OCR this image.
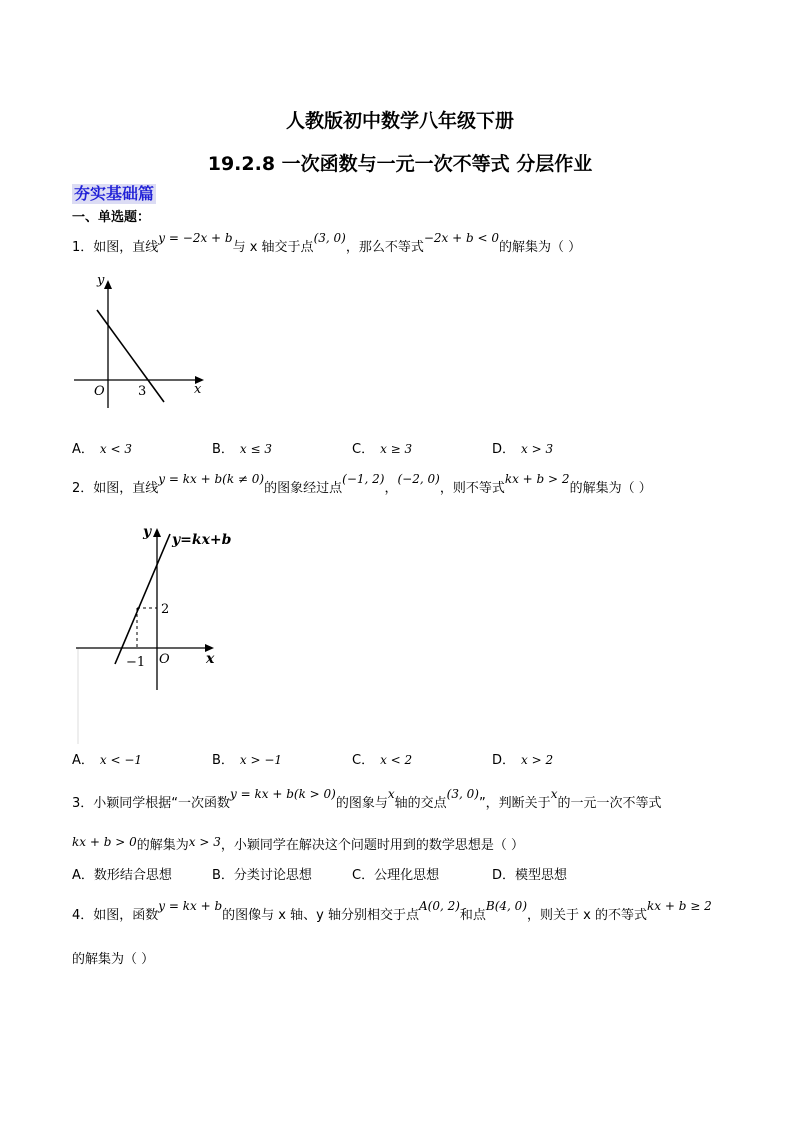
人教版初中数学八年级下册
19.2.8 一次函数与一元一次不等式 分层作业
夯实基础篇
一、单选题：
1．如图，直线y = −2x + b与 x 轴交于点(3, 0)，那么不等式−2x + b < 0的解集为（ ）
y
x
O	3
A． x < 3	B． x ≤ 3	C． x ≥ 3	D． x > 3
2．如图，直线y = kx + b(k ≠ 0)的图象经过点(−1, 2)，(−2, 0)，则不等式kx + b > 2的解集为（ ）
y y=kx+b
2
x
O
−1
A． x < −1	B． x > −1	C． x < 2	D． x > 2
3．小颖同学根据“一次函数y = kx + b(k > 0)的图象与x轴的交点(3, 0)”，判断关于x的一元一次不等式
kx + b > 0的解集为x > 3，小颖同学在解决这个问题时用到的数学思想是（ ）
A．数形结合思想	B．分类讨论思想	C．公理化思想	D．模型思想
4．如图，函数y = kx + b的图像与 x 轴、y 轴分别相交于点A(0, 2)和点B(4, 0)，则关于 x 的不等式kx + b ≥ 2
的解集为（ ）
